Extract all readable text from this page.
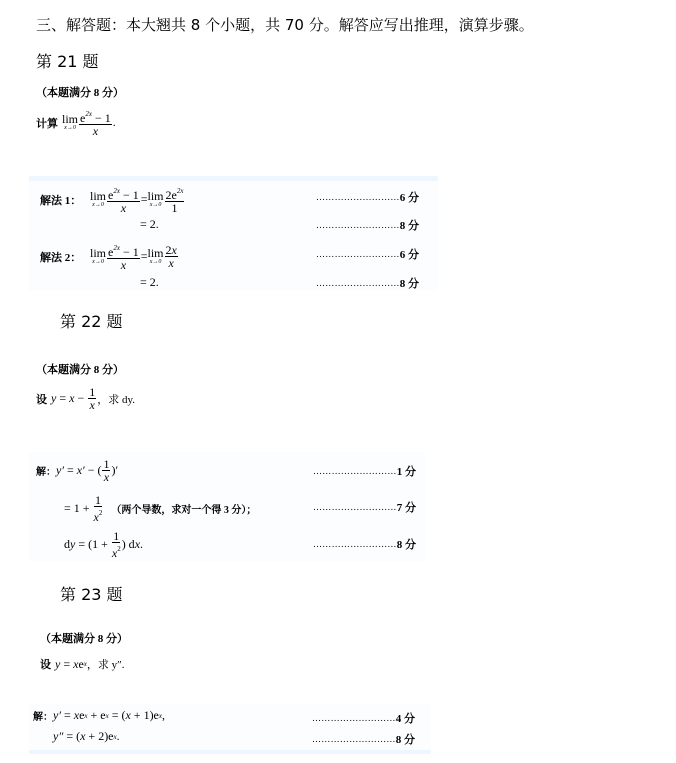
三、解答题：本大翘共 8 个小题，共 70 分。解答应写出推理，演算步骤。
第 21 题
（本题满分 8 分）
计算 lim
$x\to 0 \frac{e^{2x} - 1}{x}$ .
解法 1： lim
$x\to 0 \frac{e^{2x} - 1}{x} = \lim$
$x\to 0 \frac{2e^{2x}}{1}$
= 2.
解法 2： lim
$x\to 0 \frac{e^{2x} - 1}{x} = \lim$
$x\to 0 \frac{2x}{x}$
= 2.
……………………… 6 分
……………………… 8 分
……………………… 6 分
……………………… 8 分
第 22 题
（本题满分 8 分）
设 $y = x - \frac{1}{x}$ ，求 dy.
解： y′ = x′ − ( $\frac{1}{x}$ )′
= $1 + \frac{1}{x^2}$ （两个导数，求对一个得 3 分）；
d $y = (1 + \frac{1}{x^2}$ ) d x .
……………………… 1 分
……………………… 7 分
……………………… 8 分
第 23 题
（本题满分 8 分）
设 y = x e x ，求 y″.
解： y′ = x e x + e x = ( x + 1)e x ,
y″ = ( x + 2)e x .
……………………… 4 分
……………………… 8 分
